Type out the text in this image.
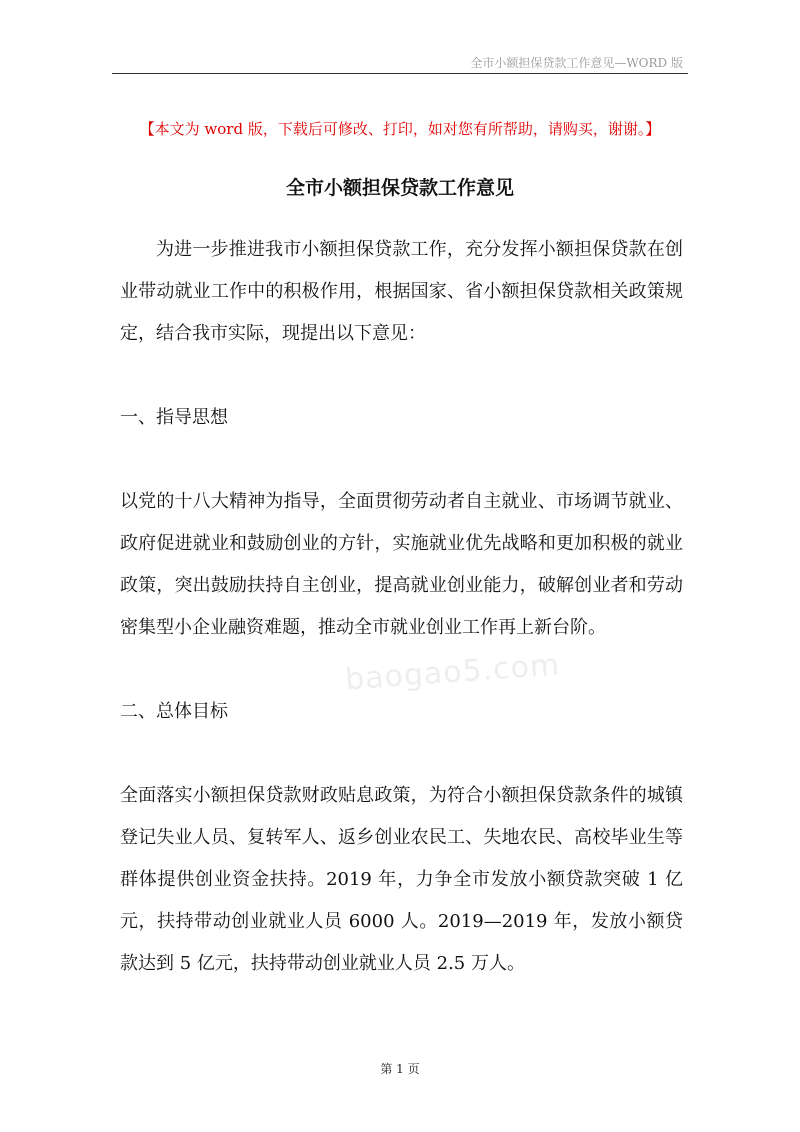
全市小额担保贷款工作意见—WORD 版
【本文为 word 版，下载后可修改、打印，如对您有所帮助，请购买，谢谢。】
全市小额担保贷款工作意见
为进一步推进我市小额担保贷款工作，充分发挥小额担保贷款在创业带动就业工作中的积极作用，根据国家、省小额担保贷款相关政策规定，结合我市实际，现提出以下意见：
一、指导思想
以党的十八大精神为指导，全面贯彻劳动者自主就业、市场调节就业、政府促进就业和鼓励创业的方针，实施就业优先战略和更加积极的就业政策，突出鼓励扶持自主创业，提高就业创业能力，破解创业者和劳动密集型小企业融资难题，推动全市就业创业工作再上新台阶。
二、总体目标
全面落实小额担保贷款财政贴息政策，为符合小额担保贷款条件的城镇登记失业人员、复转军人、返乡创业农民工、失地农民、高校毕业生等群体提供创业资金扶持。2019 年，力争全市发放小额贷款突破 1 亿元，扶持带动创业就业人员 6000 人。2019—2019 年，发放小额贷款达到 5 亿元，扶持带动创业就业人员 2.5 万人。
baogao5.com
第 1 页
